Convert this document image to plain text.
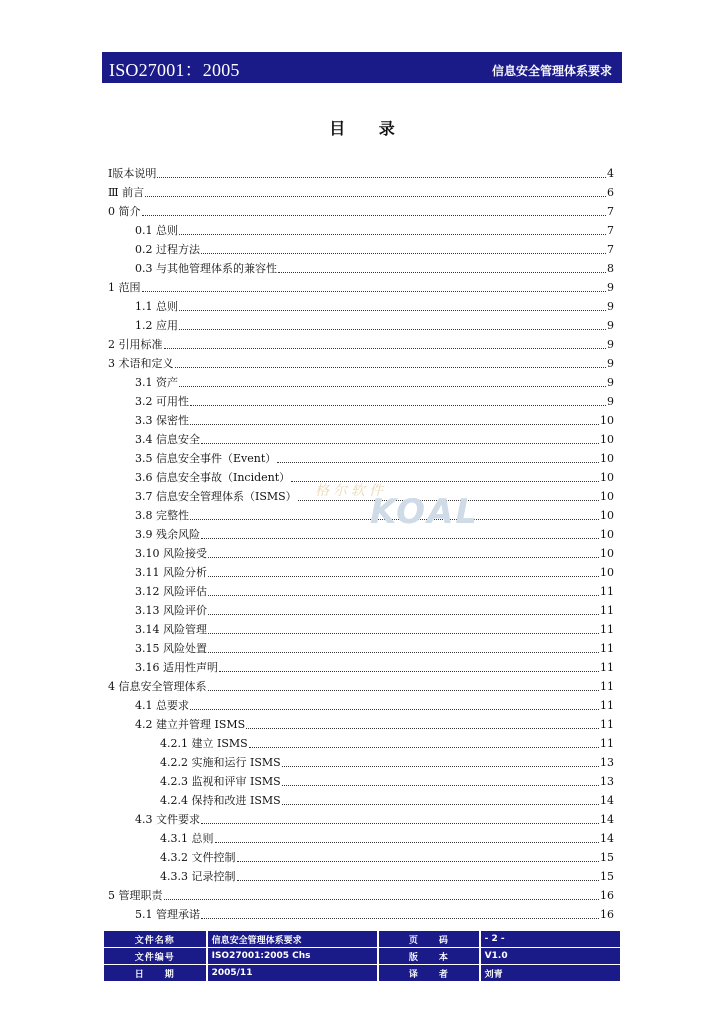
ISO27001：2005	信息安全管理体系要求
目 录
Ⅰ版本说明	4
Ⅲ 前言	6
0 简介	7
0.1 总则	7
0.2 过程方法	7
0.3 与其他管理体系的兼容性	8
1 范围	9
1.1 总则	9
1.2 应用	9
2 引用标准	9
3 术语和定义	9
3.1 资产	9
3.2 可用性	9
3.3 保密性	10
3.4 信息安全	10
3.5 信息安全事件（Event）	10
3.6 信息安全事故（Incident）	10
3.7 信息安全管理体系（ISMS）	10
3.8 完整性	10
3.9 残余风险	10
3.10 风险接受	10
3.11 风险分析	10
3.12 风险评估	11
3.13 风险评价	11
3.14 风险管理	11
3.15 风险处置	11
3.16 适用性声明	11
4 信息安全管理体系	11
4.1 总要求	11
4.2 建立并管理 ISMS	11
4.2.1 建立 ISMS	11
4.2.2 实施和运行 ISMS	13
4.2.3 监视和评审 ISMS	13
4.2.4 保持和改进 ISMS	14
4.3 文件要求	14
4.3.1 总则	14
4.3.2 文件控制	15
4.3.3 记录控制	15
5 管理职责	16
5.1 管理承诺	16
格尔软件
KOAL
文件名称	信息安全管理体系要求	页　　码	- 2 -
文件编号	ISO27001:2005 Chs	版　　本	V1.0
日　　期	2005/11	译　　者	刘青
